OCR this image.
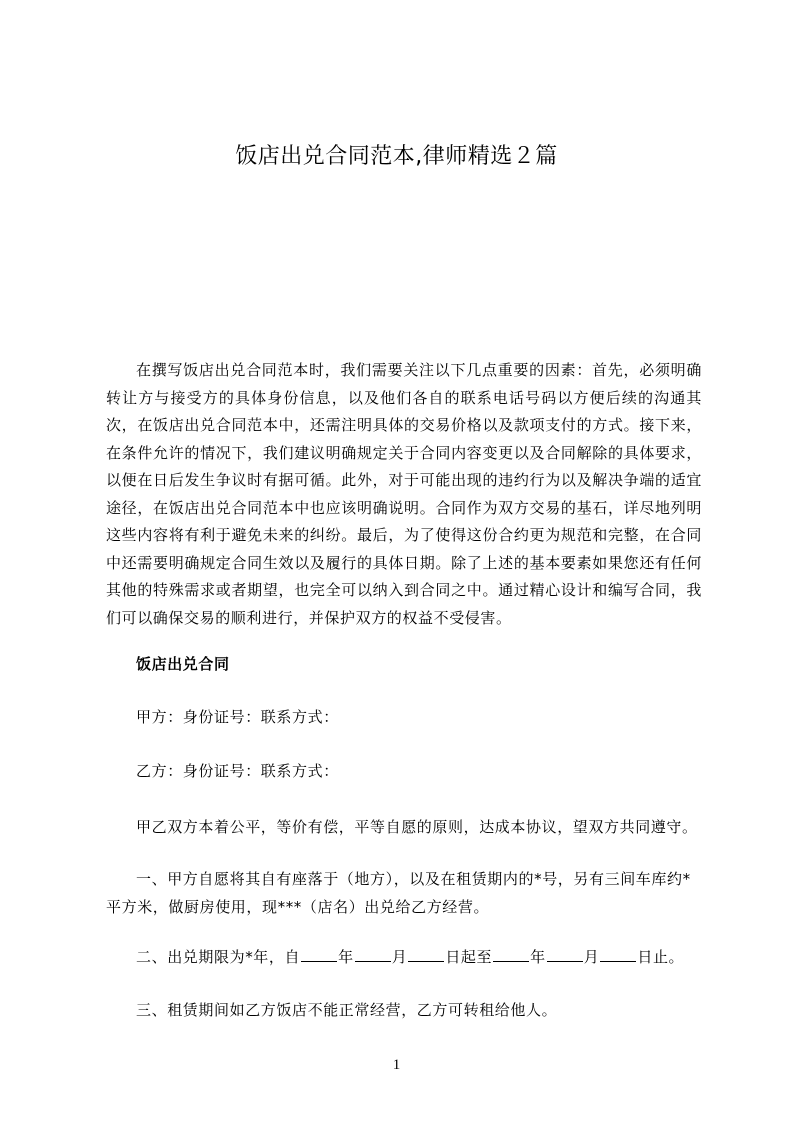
饭店出兑合同范本,律师精选２篇

在撰写饭店出兑合同范本时，我们需要关注以下几点重要的因素：首先，必须明确转让方与接受方的具体身份信息，以及他们各自的联系电话号码以方便后续的沟通其次，在饭店出兑合同范本中，还需注明具体的交易价格以及款项支付的方式。接下来，在条件允许的情况下，我们建议明确规定关于合同内容变更以及合同解除的具体要求，以便在日后发生争议时有据可循。此外，对于可能出现的违约行为以及解决争端的适宜途径，在饭店出兑合同范本中也应该明确说明。合同作为双方交易的基石，详尽地列明这些内容将有利于避免未来的纠纷。最后，为了使得这份合约更为规范和完整，在合同中还需要明确规定合同生效以及履行的具体日期。除了上述的基本要素如果您还有任何其他的特殊需求或者期望，也完全可以纳入到合同之中。通过精心设计和编写合同，我们可以确保交易的顺利进行，并保护双方的权益不受侵害。

饭店出兑合同

甲方：身份证号：联系方式：

乙方：身份证号：联系方式：

甲乙双方本着公平，等价有偿，平等自愿的原则，达成本协议，望双方共同遵守。

一、甲方自愿将其自有座落于（地方），以及在租赁期内的*号，另有三间车库约*平方米，做厨房使用，现***（店名）出兑给乙方经营。

二、出兑期限为*年，自	年	月	日起至	年	月	日止。

三、租赁期间如乙方饭店不能正常经营，乙方可转租给他人。

1
